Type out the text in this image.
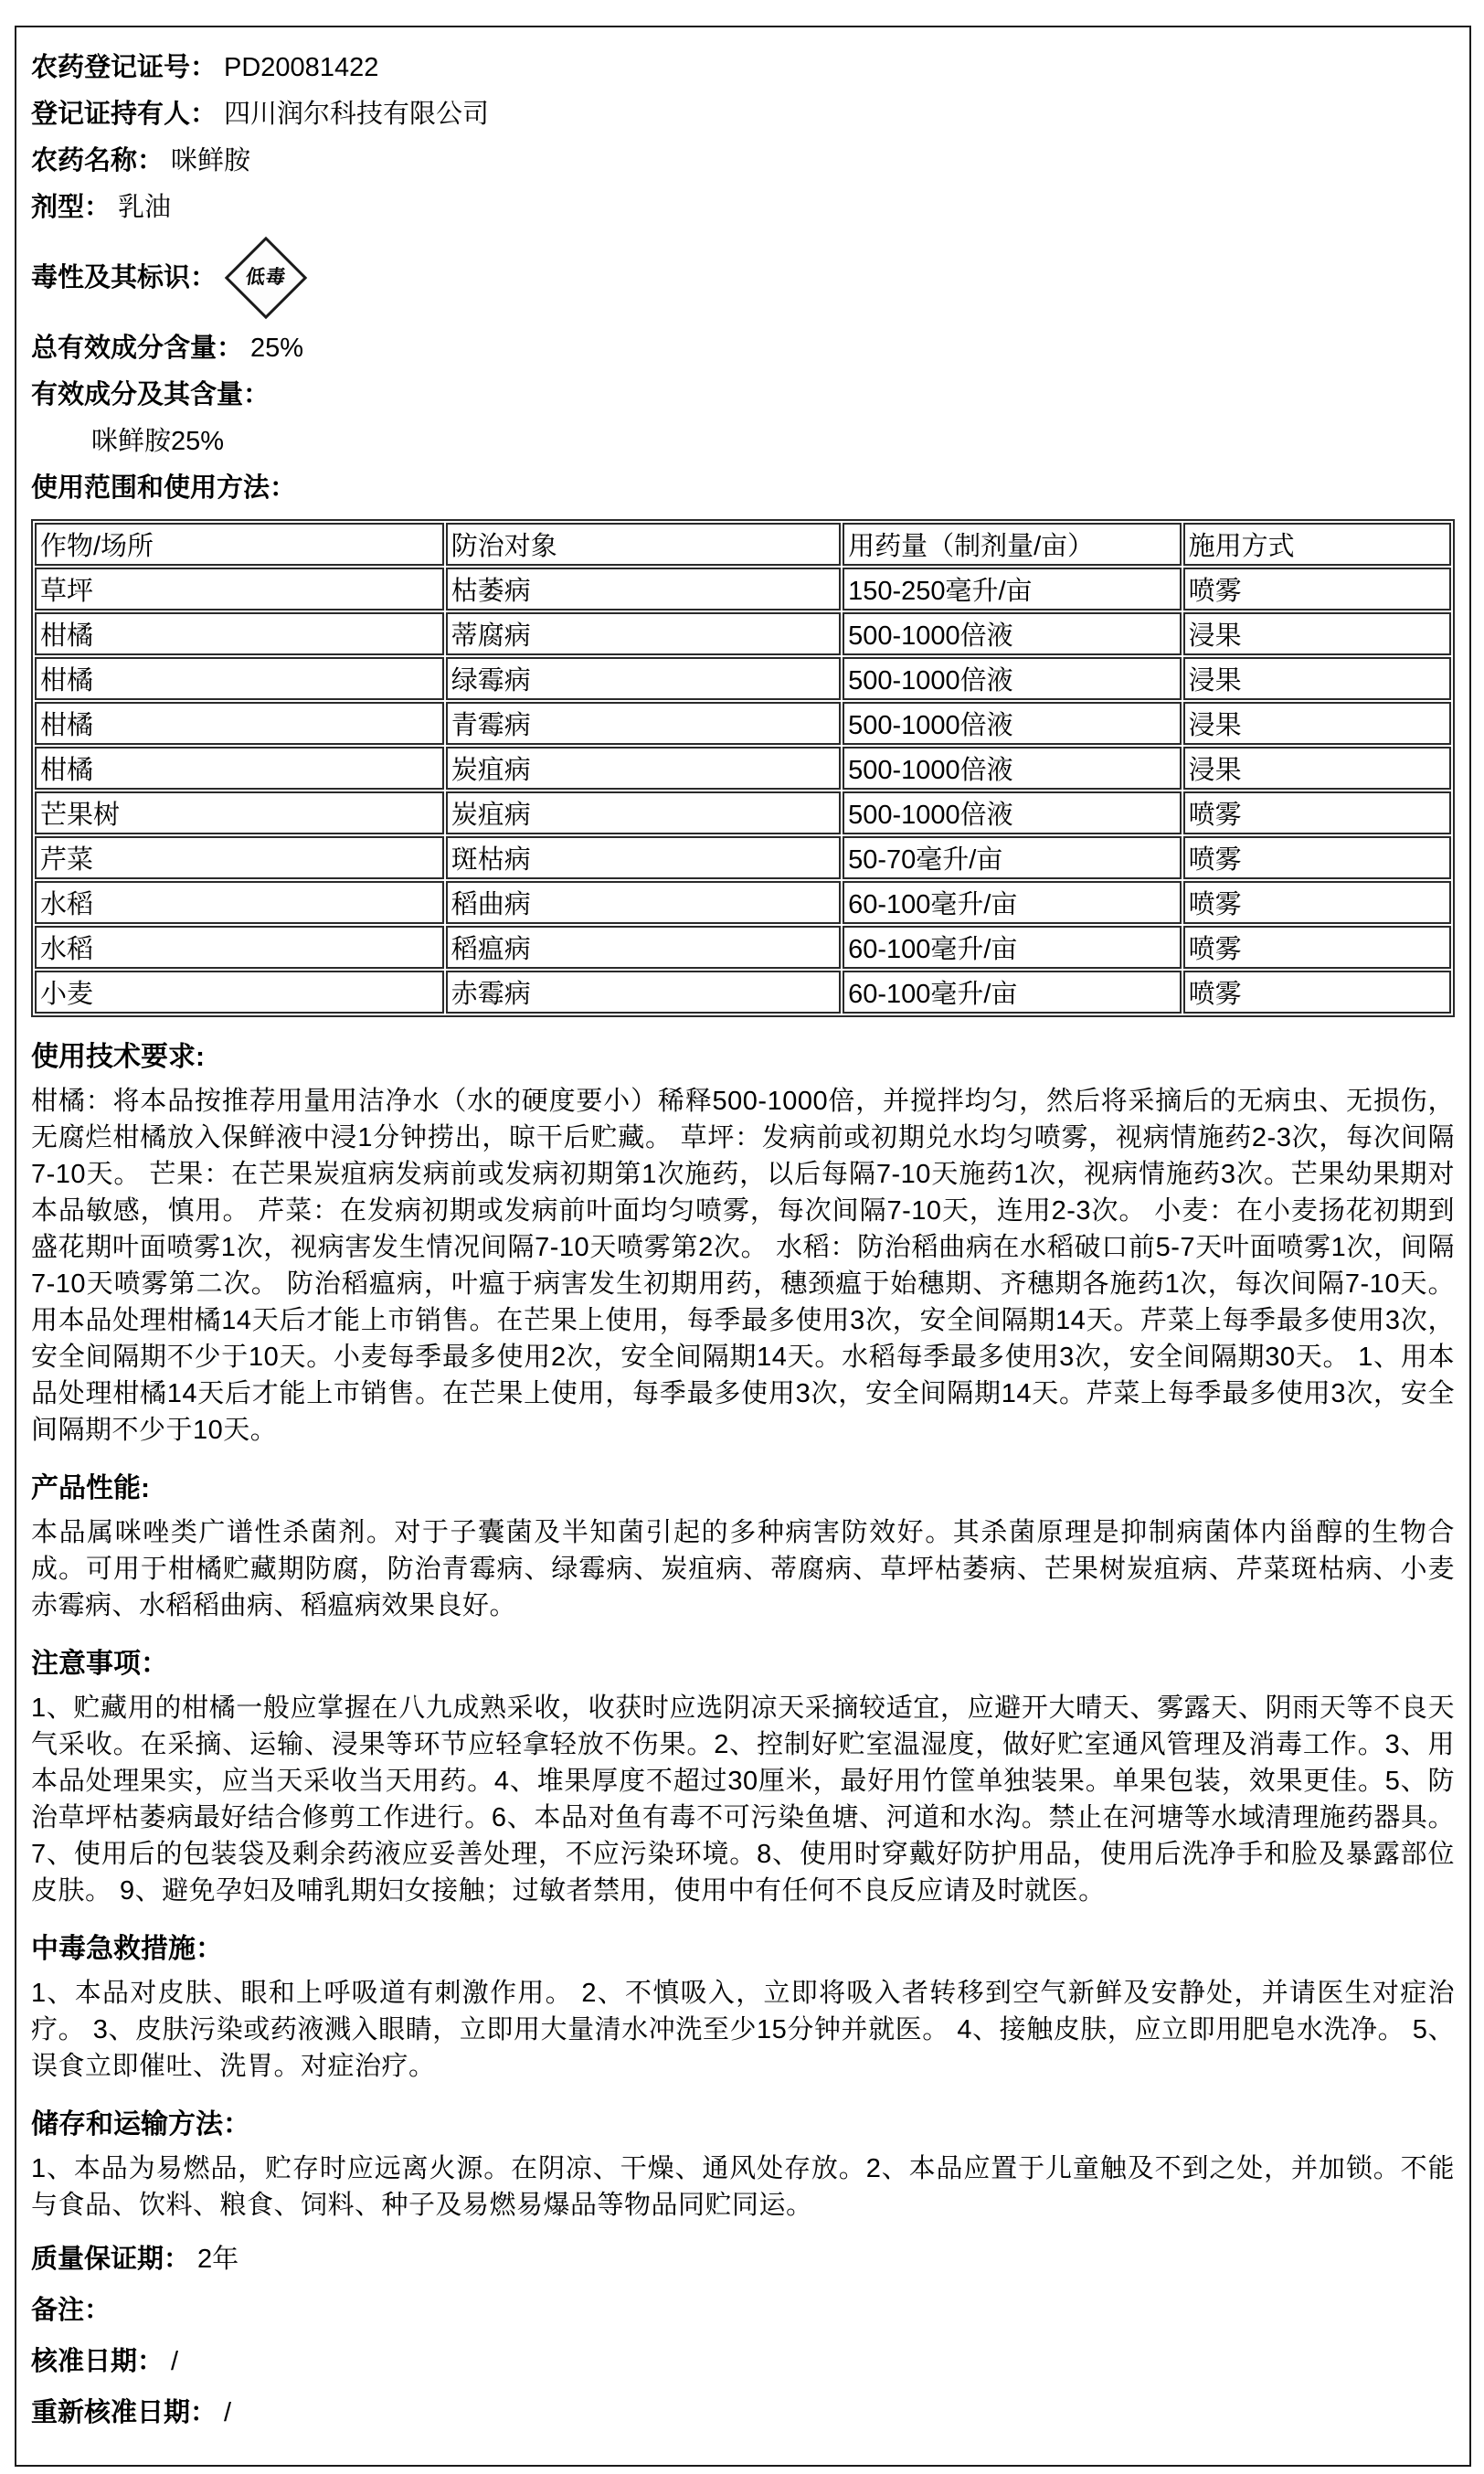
农药登记证号： PD20081422
登记证持有人： 四川润尔科技有限公司
农药名称： 咪鲜胺
剂型： 乳油
毒性及其标识： 低毒
总有效成分含量： 25%
有效成分及其含量：
咪鲜胺25%
使用范围和使用方法：
作物/场所	防治对象	用药量（制剂量/亩）	施用方式
草坪	枯萎病	150-250毫升/亩	喷雾
柑橘	蒂腐病	500-1000倍液	浸果
柑橘	绿霉病	500-1000倍液	浸果
柑橘	青霉病	500-1000倍液	浸果
柑橘	炭疽病	500-1000倍液	浸果
芒果树	炭疽病	500-1000倍液	喷雾
芹菜	斑枯病	50-70毫升/亩	喷雾
水稻	稻曲病	60-100毫升/亩	喷雾
水稻	稻瘟病	60-100毫升/亩	喷雾
小麦	赤霉病	60-100毫升/亩	喷雾
使用技术要求:
柑橘：将本品按推荐用量用洁净水（水的硬度要小）稀释500-1000倍，并搅拌均匀，然后将采摘后的无病虫、无损伤，无腐烂柑橘放入保鲜液中浸1分钟捞出，晾干后贮藏。 草坪：发病前或初期兑水均匀喷雾，视病情施药2-3次，每次间隔7-10天。 芒果：在芒果炭疽病发病前或发病初期第1次施药，以后每隔7-10天施药1次，视病情施药3次。芒果幼果期对本品敏感，慎用。 芹菜：在发病初期或发病前叶面均匀喷雾，每次间隔7-10天，连用2-3次。 小麦：在小麦扬花初期到盛花期叶面喷雾1次，视病害发生情况间隔7-10天喷雾第2次。 水稻：防治稻曲病在水稻破口前5-7天叶面喷雾1次，间隔7-10天喷雾第二次。 防治稻瘟病，叶瘟于病害发生初期用药，穗颈瘟于始穗期、齐穗期各施药1次，每次间隔7-10天。用本品处理柑橘14天后才能上市销售。在芒果上使用，每季最多使用3次，安全间隔期14天。芹菜上每季最多使用3次，安全间隔期不少于10天。小麦每季最多使用2次，安全间隔期14天。水稻每季最多使用3次，安全间隔期30天。 1、用本品处理柑橘14天后才能上市销售。在芒果上使用，每季最多使用3次，安全间隔期14天。芹菜上每季最多使用3次，安全间隔期不少于10天。
产品性能:
本品属咪唑类广谱性杀菌剂。对于子囊菌及半知菌引起的多种病害防效好。其杀菌原理是抑制病菌体内甾醇的生物合成。可用于柑橘贮藏期防腐，防治青霉病、绿霉病、炭疽病、蒂腐病、草坪枯萎病、芒果树炭疽病、芹菜斑枯病、小麦赤霉病、水稻稻曲病、稻瘟病效果良好。
注意事项：
1、贮藏用的柑橘一般应掌握在八九成熟采收，收获时应选阴凉天采摘较适宜，应避开大晴天、雾露天、阴雨天等不良天气采收。在采摘、运输、浸果等环节应轻拿轻放不伤果。2、控制好贮室温湿度，做好贮室通风管理及消毒工作。3、用本品处理果实，应当天采收当天用药。4、堆果厚度不超过30厘米，最好用竹筐单独装果。单果包装，效果更佳。5、防治草坪枯萎病最好结合修剪工作进行。6、本品对鱼有毒不可污染鱼塘、河道和水沟。禁止在河塘等水域清理施药器具。7、使用后的包装袋及剩余药液应妥善处理，不应污染环境。8、使用时穿戴好防护用品，使用后洗净手和脸及暴露部位皮肤。 9、避免孕妇及哺乳期妇女接触；过敏者禁用，使用中有任何不良反应请及时就医。
中毒急救措施：
1、本品对皮肤、眼和上呼吸道有刺激作用。 2、不慎吸入，立即将吸入者转移到空气新鲜及安静处，并请医生对症治疗。 3、皮肤污染或药液溅入眼睛，立即用大量清水冲洗至少15分钟并就医。 4、接触皮肤，应立即用肥皂水洗净。 5、误食立即催吐、洗胃。对症治疗。
储存和运输方法：
1、本品为易燃品，贮存时应远离火源。在阴凉、干燥、通风处存放。2、本品应置于儿童触及不到之处，并加锁。不能与食品、饮料、粮食、饲料、种子及易燃易爆品等物品同贮同运。
质量保证期： 2年
备注：
核准日期： /
重新核准日期： /
